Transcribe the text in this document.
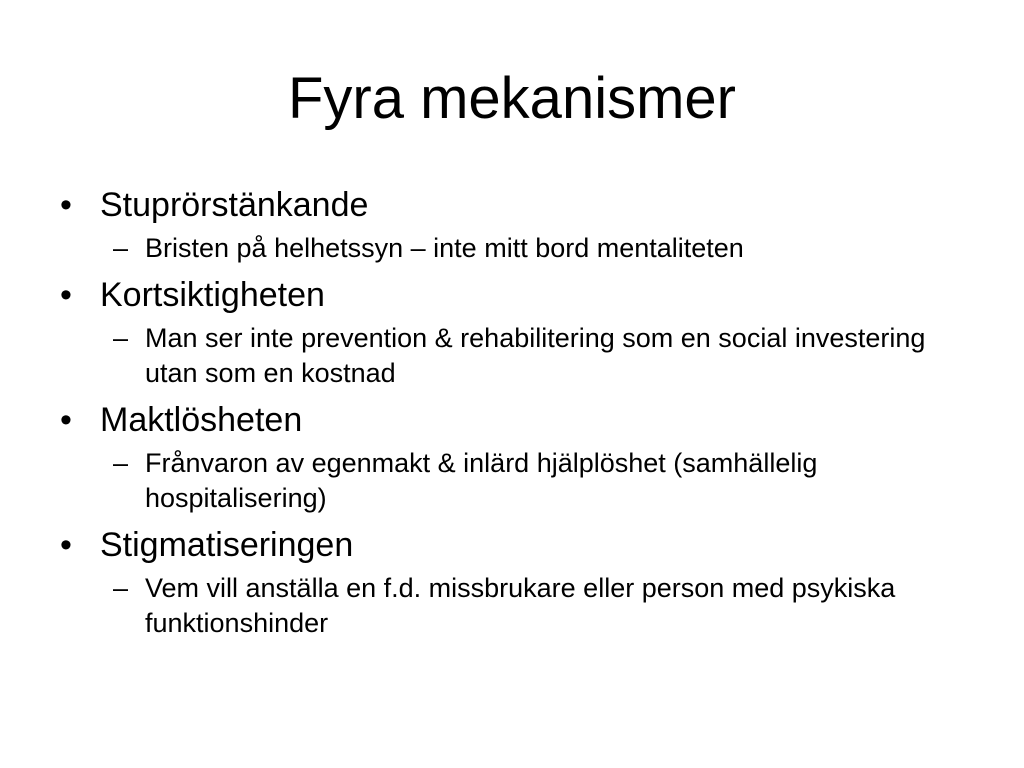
Fyra mekanismer
• Stuprörstänkande
– Bristen på helhetssyn – inte mitt bord mentaliteten
• Kortsiktigheten
– Man ser inte prevention & rehabilitering som en social investering utan som en kostnad
• Maktlösheten
– Frånvaron av egenmakt & inlärd hjälplöshet (samhällelig hospitalisering)
• Stigmatiseringen
– Vem vill anställa en f.d. missbrukare eller person med psykiska funktionshinder
